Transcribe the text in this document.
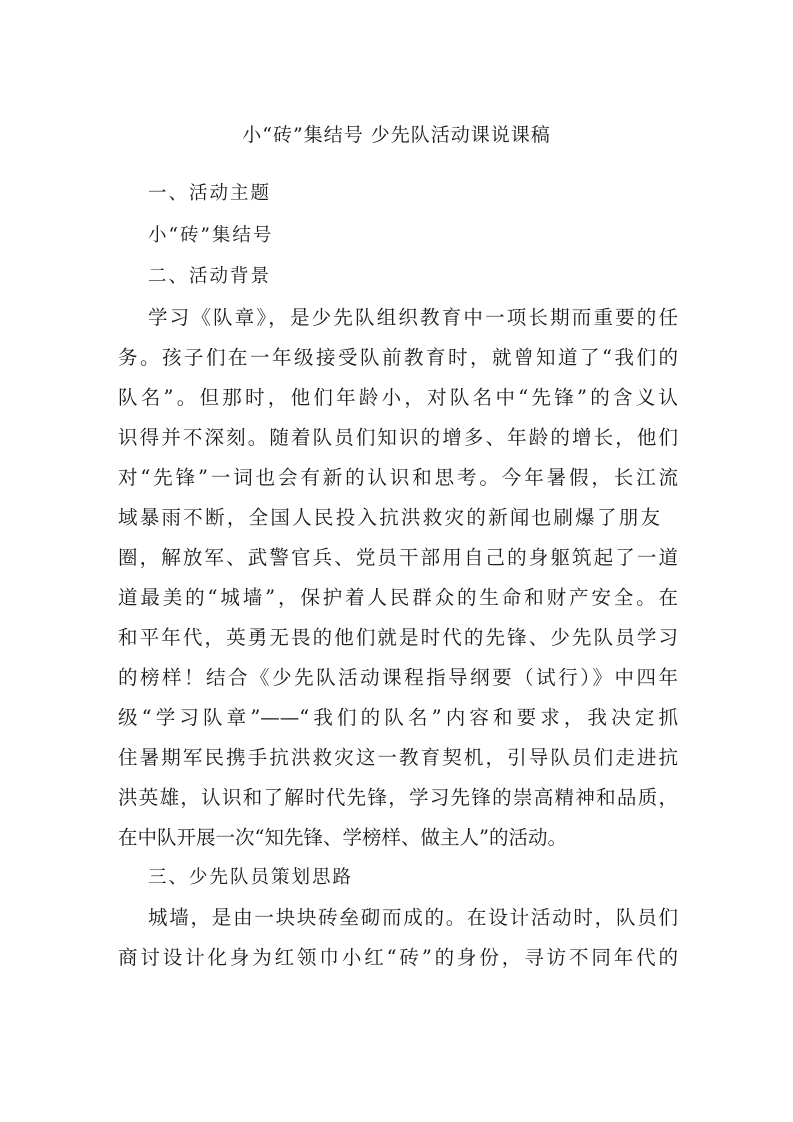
小“砖”集结号 少先队活动课说课稿
一、活动主题
小“砖”集结号
二、活动背景
学习《队章》，是少先队组织教育中一项长期而重要的任
务。孩子们在一年级接受队前教育时，就曾知道了“我们的
队名”。但那时，他们年龄小，对队名中“先锋”的含义认
识得并不深刻。随着队员们知识的增多、年龄的增长，他们
对“先锋”一词也会有新的认识和思考。今年暑假，长江流
域暴雨不断，全国人民投入抗洪救灾的新闻也刷爆了朋友
圈，解放军、武警官兵、党员干部用自己的身躯筑起了一道
道最美的“城墙”，保护着人民群众的生命和财产安全。在
和平年代，英勇无畏的他们就是时代的先锋、少先队员学习
的榜样！结合《少先队活动课程指导纲要（试行）》中四年
级“学习队章”——“我们的队名”内容和要求，我决定抓
住暑期军民携手抗洪救灾这一教育契机，引导队员们走进抗
洪英雄，认识和了解时代先锋，学习先锋的崇高精神和品质，
在中队开展一次“知先锋、学榜样、做主人”的活动。
三、少先队员策划思路
城墙，是由一块块砖垒砌而成的。在设计活动时，队员们
商讨设计化身为红领巾小红“砖”的身份，寻访不同年代的
